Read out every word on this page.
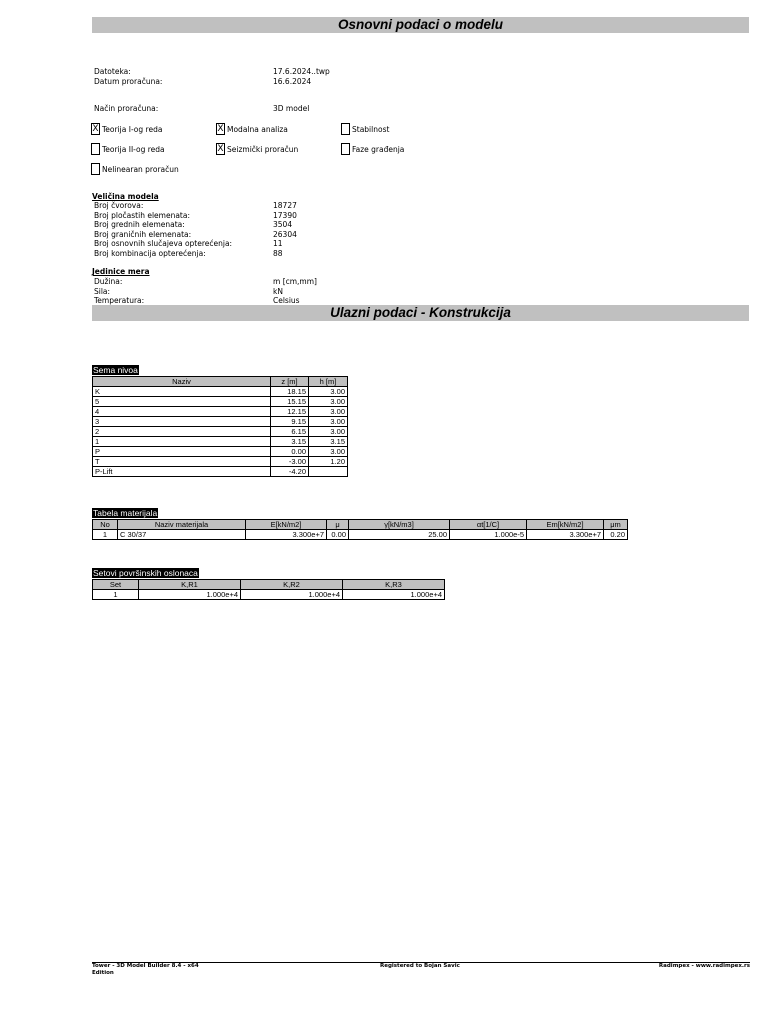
Osnovni podaci o modelu
Datoteka:	17.6.2024..twp
Datum proračuna:	16.6.2024
Način proračuna:	3D model
X Teorija I-og reda	X Modalna analiza	Stabilnost
Teorija II-og reda	X Seizmički proračun	Faze građenja
Nelinearan proračun
Veličina modela
Broj čvorova:	18727
Broj pločastih elemenata:	17390
Broj grednih elemenata:	3504
Broj graničnih elemenata:	26304
Broj osnovnih slučajeva opterećenja:	11
Broj kombinacija opterećenja:	88
Jedinice mera
Dužina:	m [cm,mm]
Sila:	kN
Temperatura:	Celsius
Ulazni podaci - Konstrukcija
Sema nivoa
Naziv	z [m]	h [m]
K	18.15	3.00
5	15.15	3.00
4	12.15	3.00
3	9.15	3.00
2	6.15	3.00
1	3.15	3.15
P	0.00	3.00
T	-3.00	1.20
P-Lift	-4.20	
Tabela materijala
No	Naziv materijala	E[kN/m2]	μ	γ[kN/m3]	αt[1/C]	Em[kN/m2]	μm
1	C 30/37	3.300e+7	0.00	25.00	1.000e-5	3.300e+7	0.20
Setovi površinskih oslonaca
Set	K,R1	K,R2	K,R3
1	1.000e+4	1.000e+4	1.000e+4
Tower - 3D Model Builder 8.4 - x64
Edition
Registered to Bojan Savic	Radimpex - www.radimpex.rs
